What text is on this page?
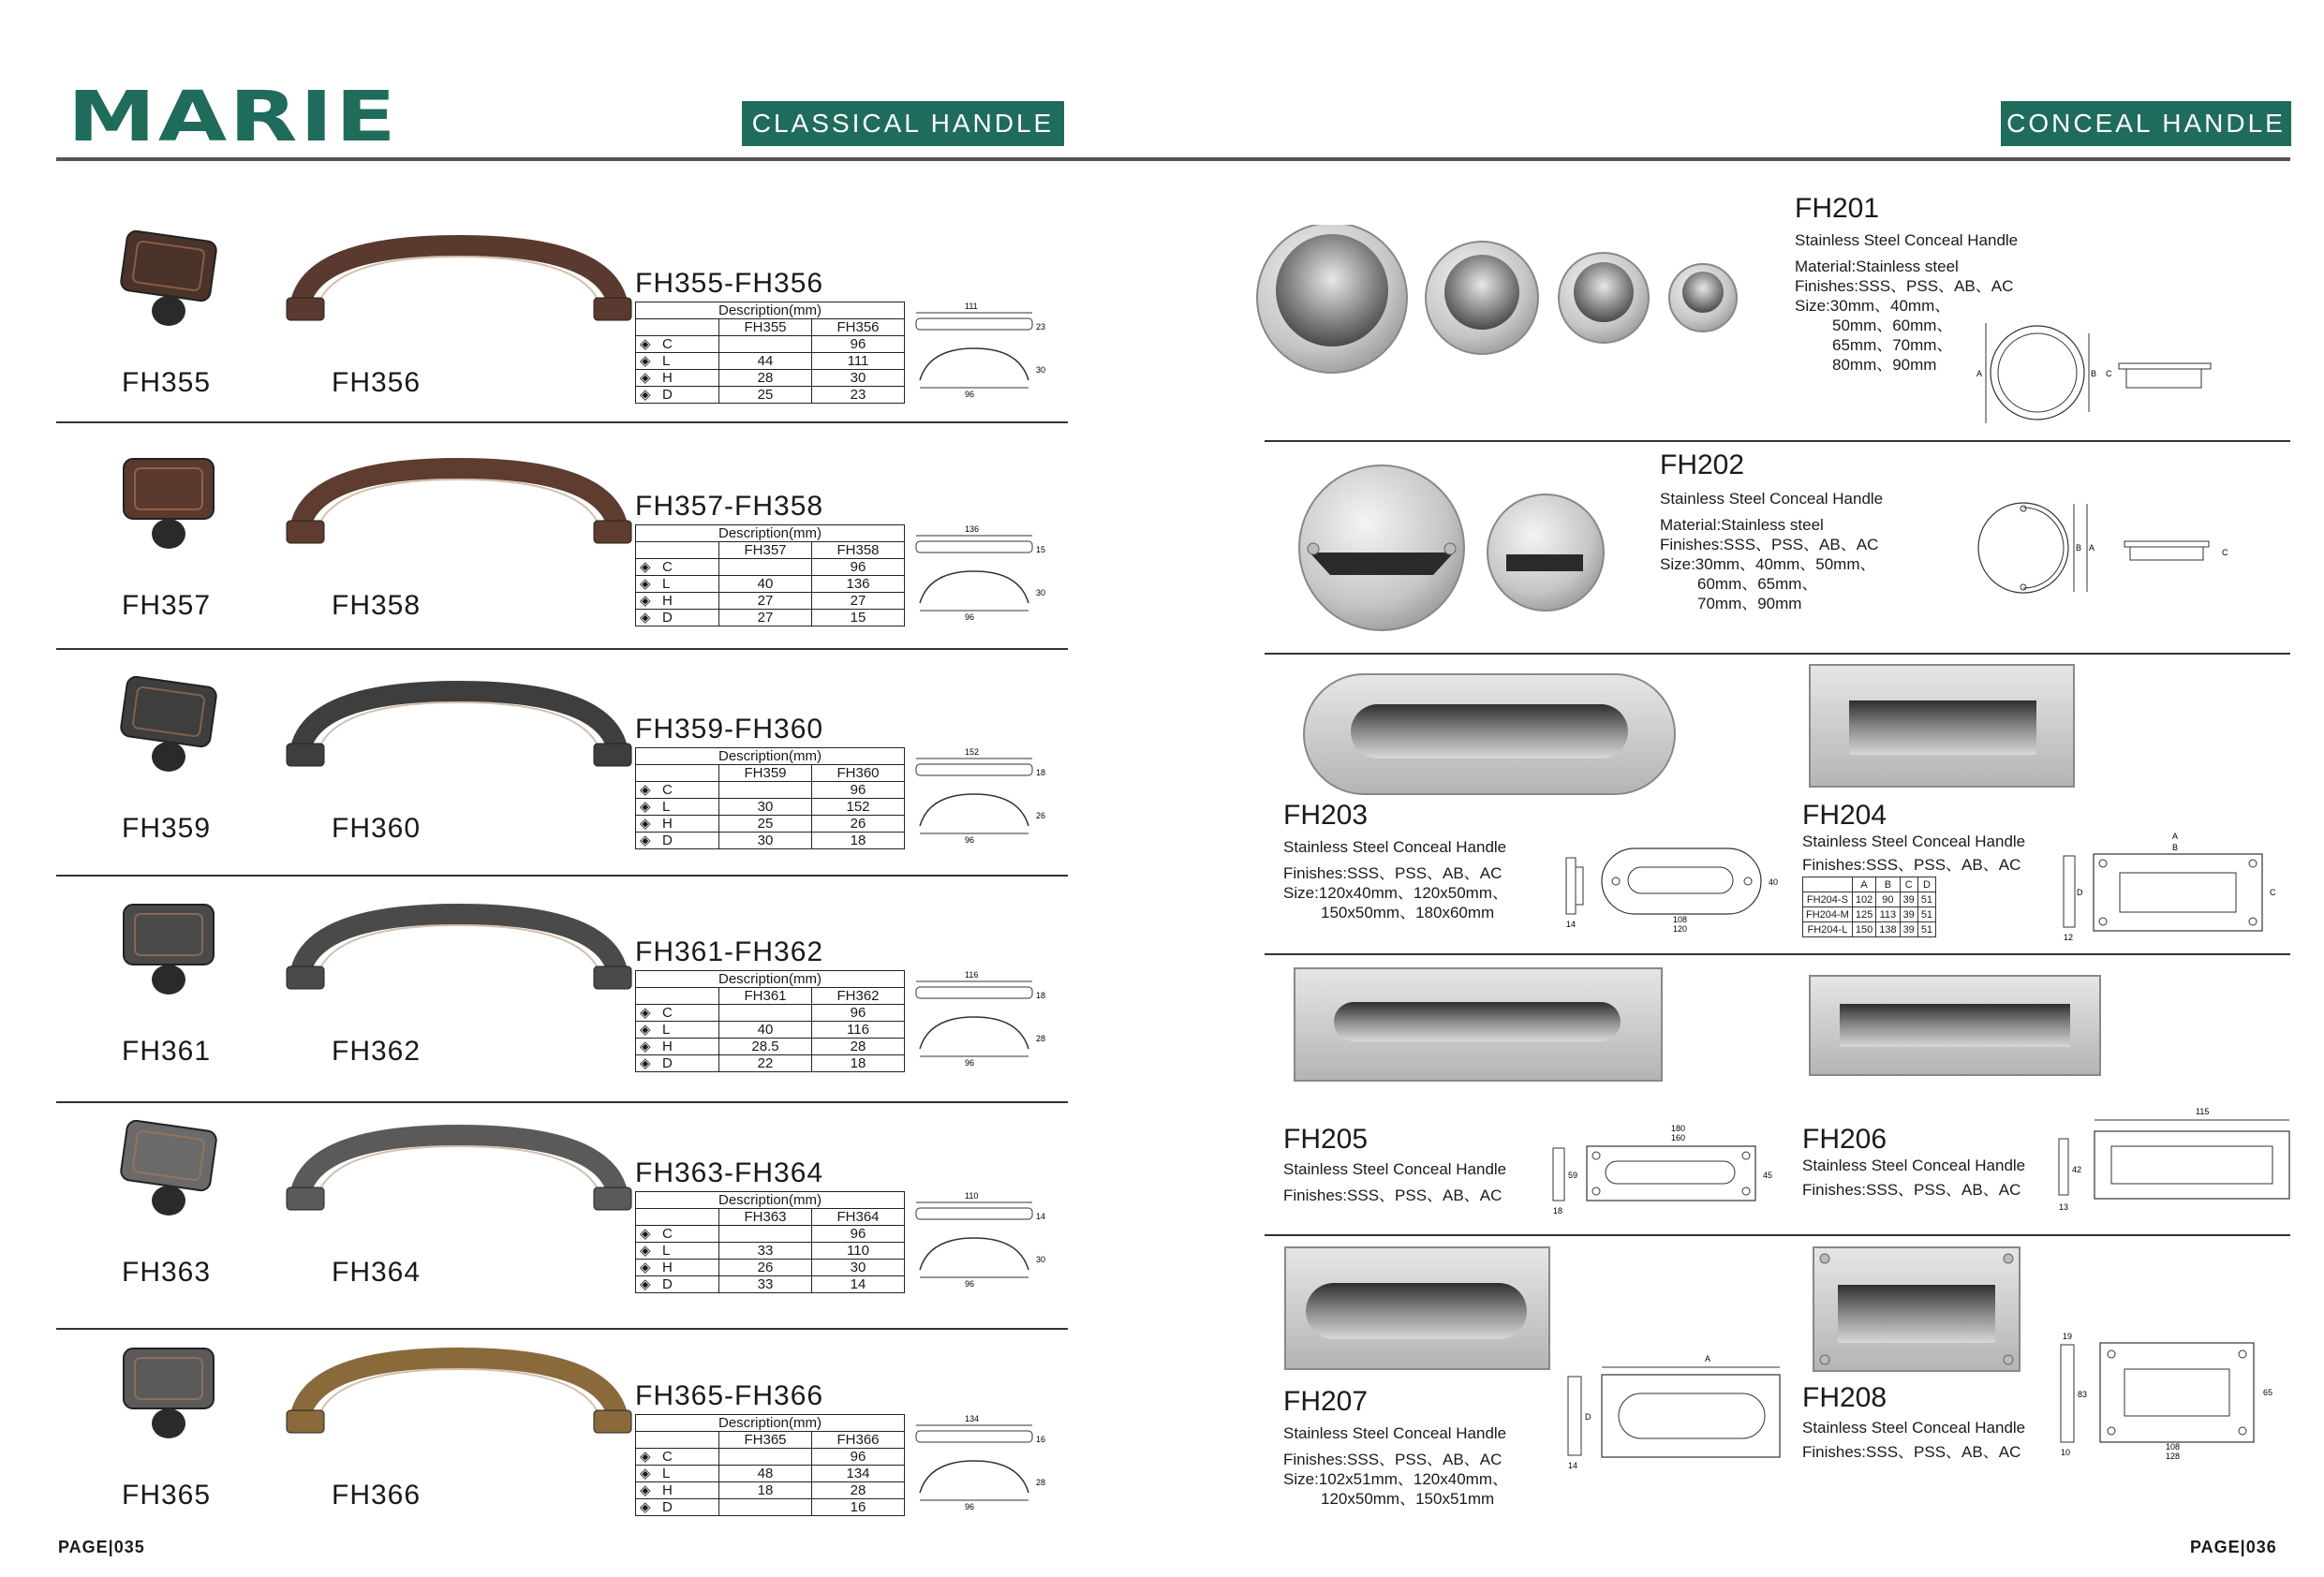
MARIE	CLASSICAL HANDLE	CONCEAL HANDLE
FH355	FH356
FH355-FH356
Description(mm)		
	FH355	FH356
◈ C		96
◈ L	44	111
◈ H	28	30
◈ D	25	23
111
23
30
96
FH357	FH358
FH357-FH358
Description(mm)		
	FH357	FH358
◈ C		96
◈ L	40	136
◈ H	27	27
◈ D	27	15
136
15
30
96
FH359	FH360
FH359-FH360
Description(mm)		
	FH359	FH360
◈ C		96
◈ L	30	152
◈ H	25	26
◈ D	30	18
152
18
26
96
FH361	FH362
FH361-FH362
Description(mm)		
	FH361	FH362
◈ C		96
◈ L	40	116
◈ H	28.5	28
◈ D	22	18
116
18
28
96
FH363	FH364
FH363-FH364
Description(mm)		
	FH363	FH364
◈ C		96
◈ L	33	110
◈ H	26	30
◈ D	33	14
110
14
30
96
FH365	FH366
FH365-FH366
Description(mm)		
	FH365	FH366
◈ C		96
◈ L	48	134
◈ H	18	28
◈ D		16
134
16
28
96
FH201
Stainless Steel Conceal Handle
Material:Stainless steel
Finishes:SSS、PSS、AB、AC
Size:30mm、40mm、
50mm、60mm、
65mm、70mm、
80mm、90mm	A	B C
FH202
Stainless Steel Conceal Handle
Material:Stainless steel
Finishes:SSS、PSS、AB、AC
Size:30mm、40mm、50mm、
60mm、65mm、
70mm、90mm
B A	C
FH203
Stainless Steel Conceal Handle
Finishes:SSS、PSS、AB、AC
Size:120x40mm、120x50mm、
150x50mm、180x60mm
14	108
120
40
FH204
Stainless Steel Conceal Handle
Finishes:SSS、PSS、AB、AC
	A	B	C	D
FH204-S	102	90	39	51
FH204-M	125	113	39	51
FH204-L	150	138	39	51
A
B
D	C
12
FH205
Stainless Steel Conceal Handle
Finishes:SSS、PSS、AB、AC
180
160
59	45
18
FH206
Stainless Steel Conceal Handle
Finishes:SSS、PSS、AB、AC
115
42
13
FH207
Stainless Steel Conceal Handle
Finishes:SSS、PSS、AB、AC
Size:102x51mm、120x40mm、
120x50mm、150x51mm
A
D
14
FH208
Stainless Steel Conceal Handle
Finishes:SSS、PSS、AB、AC
19
83	65
108
128
10
PAGE|035	PAGE|036
